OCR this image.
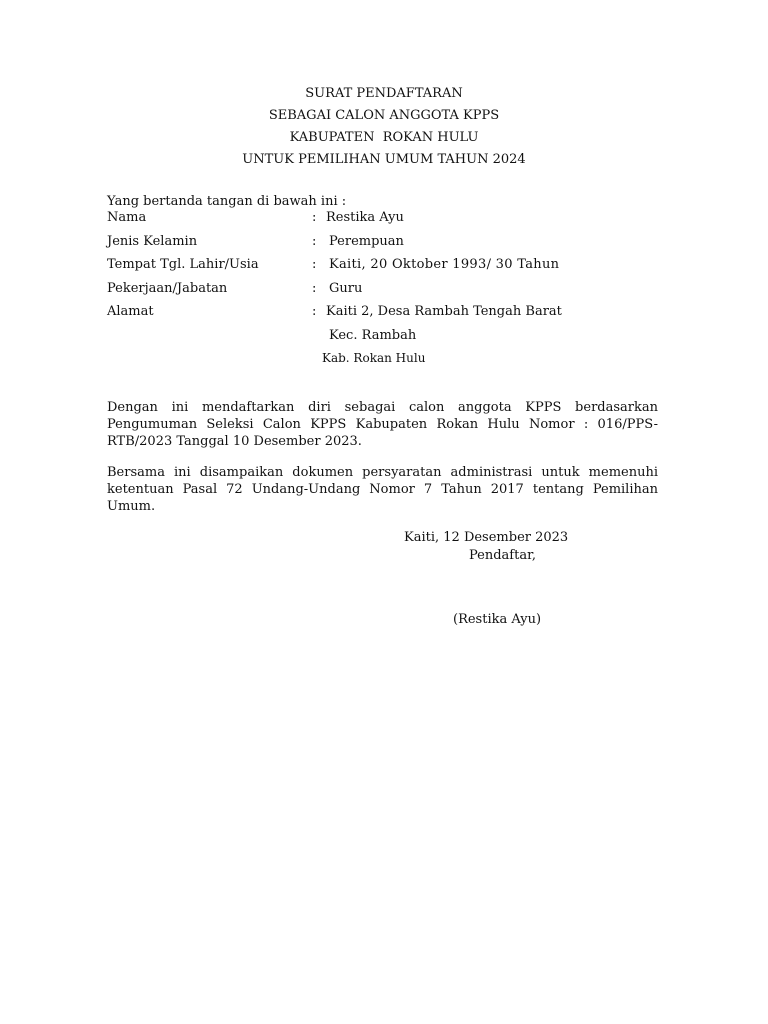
SURAT PENDAFTARAN
SEBAGAI CALON ANGGOTA KPPS
KABUPATEN  ROKAN HULU
UNTUK PEMILIHAN UMUM TAHUN 2024
Yang bertanda tangan di bawah ini :
Nama	: Restika Ayu
Jenis Kelamin	: Perempuan
Tempat Tgl. Lahir/Usia	: Kaiti, 20 Oktober 1993/ 30 Tahun
Pekerjaan/Jabatan	: Guru
Alamat	: Kaiti 2, Desa Rambah Tengah Barat
Kec. Rambah
Kab. Rokan Hulu
Dengan ini mendaftarkan diri sebagai calon anggota KPPS berdasarkan Pengumuman Seleksi Calon KPPS Kabupaten Rokan Hulu Nomor : 016/PPS-RTB/2023 Tanggal 10 Desember 2023.
Bersama ini disampaikan dokumen persyaratan administrasi untuk memenuhi ketentuan Pasal 72 Undang-Undang Nomor 7 Tahun 2017 tentang Pemilihan Umum.
Kaiti, 12 Desember 2023
Pendaftar,
(Restika Ayu)
